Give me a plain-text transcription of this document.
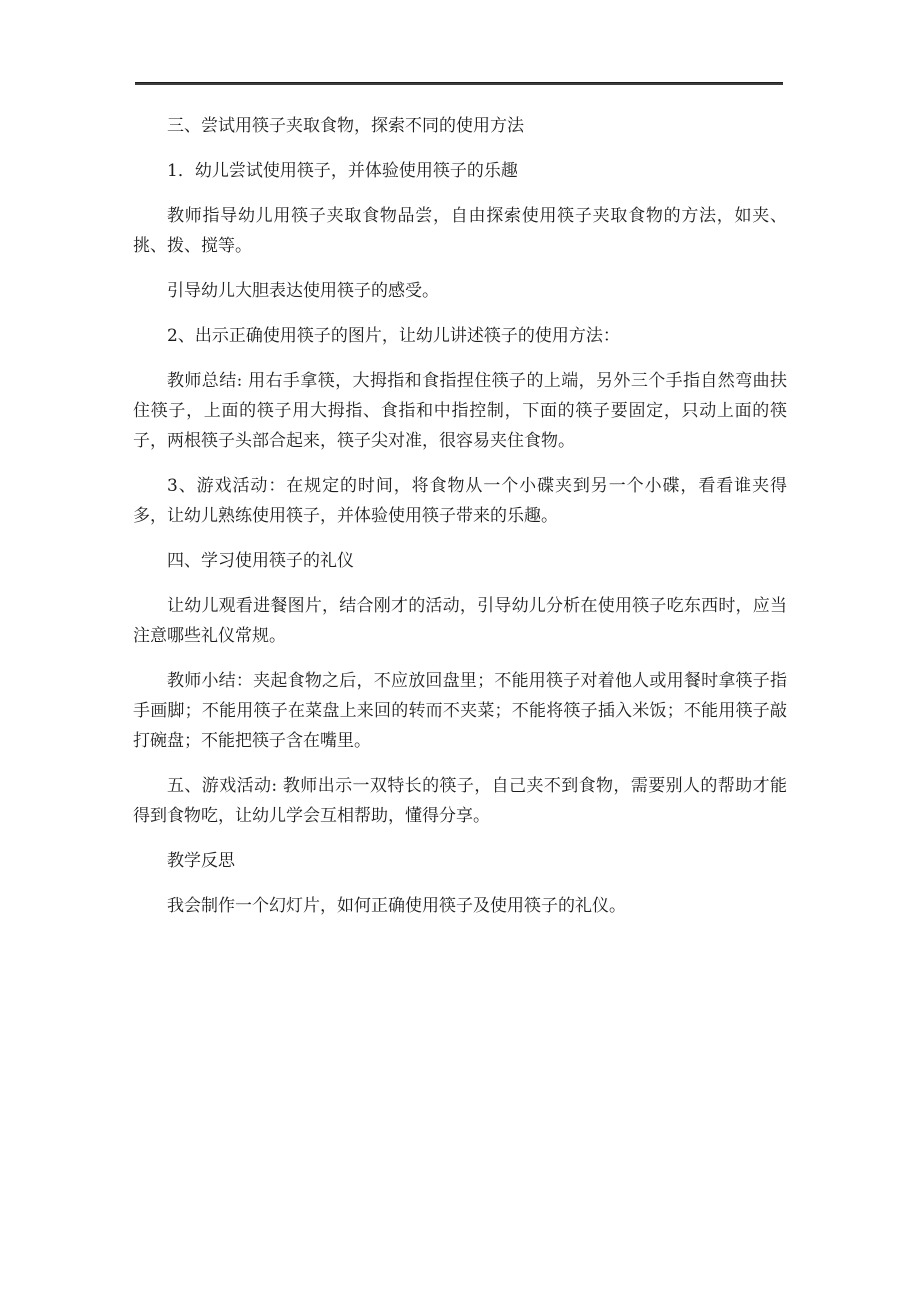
三、尝试用筷子夹取食物，探索不同的使用方法

1．幼儿尝试使用筷子，并体验使用筷子的乐趣

教师指导幼儿用筷子夹取食物品尝，自由探索使用筷子夹取食物的方法，如夹、挑、拨、搅等。

引导幼儿大胆表达使用筷子的感受。

2、出示正确使用筷子的图片，让幼儿讲述筷子的使用方法：

教师总结: 用右手拿筷，大拇指和食指捏住筷子的上端，另外三个手指自然弯曲扶住筷子，上面的筷子用大拇指、食指和中指控制，下面的筷子要固定，只动上面的筷子，两根筷子头部合起来，筷子尖对准，很容易夹住食物。

3、游戏活动：在规定的时间，将食物从一个小碟夹到另一个小碟，看看谁夹得多，让幼儿熟练使用筷子，并体验使用筷子带来的乐趣。

四、学习使用筷子的礼仪

让幼儿观看进餐图片，结合刚才的活动，引导幼儿分析在使用筷子吃东西时，应当注意哪些礼仪常规。

教师小结：夹起食物之后，不应放回盘里；不能用筷子对着他人或用餐时拿筷子指手画脚；不能用筷子在菜盘上来回的转而不夹菜；不能将筷子插入米饭；不能用筷子敲打碗盘；不能把筷子含在嘴里。

五、游戏活动: 教师出示一双特长的筷子，自己夹不到食物，需要别人的帮助才能得到食物吃，让幼儿学会互相帮助，懂得分享。

教学反思

我会制作一个幻灯片，如何正确使用筷子及使用筷子的礼仪。
